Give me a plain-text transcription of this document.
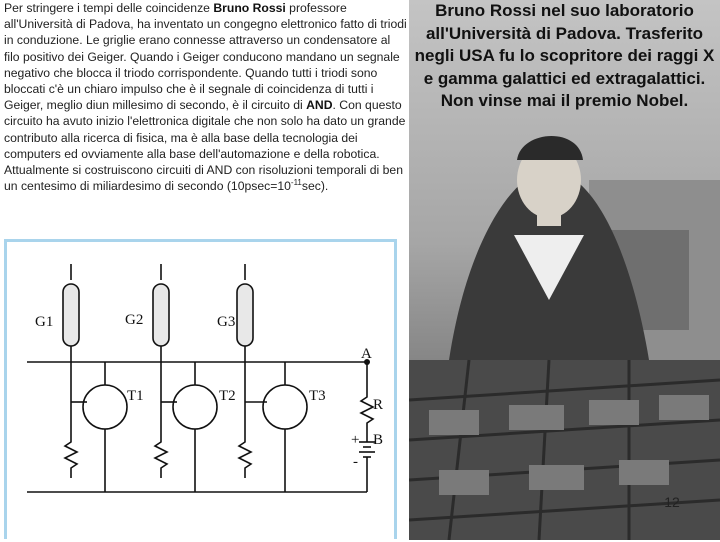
Per stringere i tempi delle coincidenze Bruno Rossi professore all'Università di Padova, ha inventato un congegno elettronico fatto di triodi in conduzione. Le griglie erano connesse attraverso un condensatore al filo positivo dei Geiger. Quando i Geiger conducono mandano un segnale negativo che blocca il triodo corrispondente. Quando tutti i triodi sono bloccati c'è un chiaro impulso che è il segnale di coincidenza di tutti i Geiger, meglio diun millesimo di secondo, è il circuito di AND. Con questo circuito ha avuto inizio l'elettronica digitale che non solo ha dato un grande contributo alla ricerca di fisica, ma è alla base della tecnologia dei computers ed ovviamente alla base dell'automazione e della robotica. Attualmente si costruiscono circuiti di AND con risoluzioni temporali di ben un centesimo di miliardesimo di secondo $(10psec=10^{-11}\sec)$.
G1	G2	G3
T1	T2	T3
A
R
+ B
-
Bruno Rossi nel suo laboratorio all'Università di Padova. Trasferito negli USA fu lo scopritore dei raggi X e gamma galattici ed extragalattici. Non vinse mai il premio Nobel.
12
